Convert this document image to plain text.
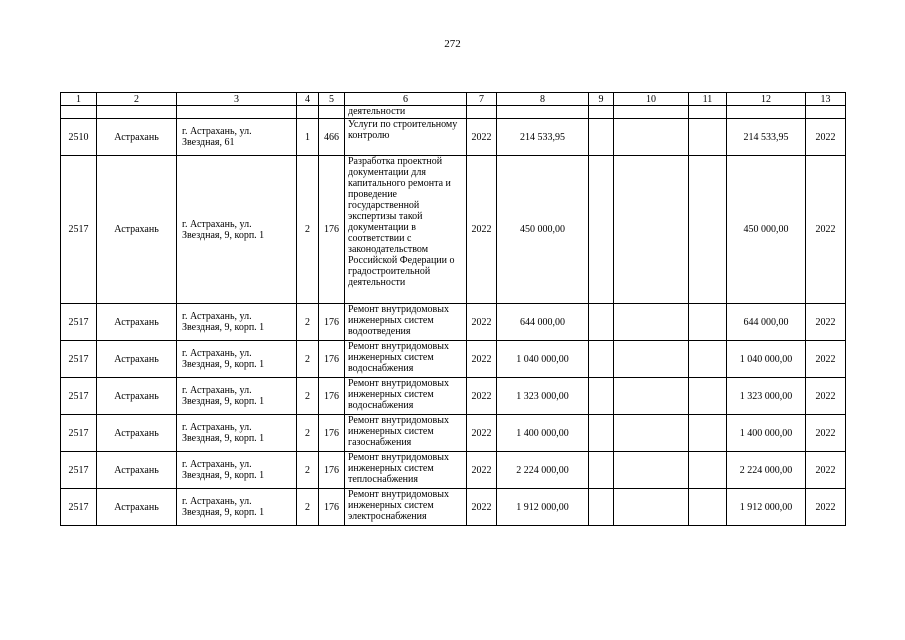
272
1	2	3	4	5	6	7	8	9	10	11	12	13
					деятельности							
2510	Астрахань	г. Астрахань, ул. Звездная, 61	1	466	Услуги по строительному контролю	2022	214 533,95				214 533,95	2022
2517	Астрахань	г. Астрахань, ул. Звездная, 9, корп. 1	2	176	Разработка проектной документации для капитального ремонта и проведение государственной экспертизы такой документации в соответствии с законодательством Российской Федерации о градостроительной деятельности	2022	450 000,00				450 000,00	2022
2517	Астрахань	г. Астрахань, ул. Звездная, 9, корп. 1	2	176	Ремонт внутридомовых инженерных систем водоотведения	2022	644 000,00				644 000,00	2022
2517	Астрахань	г. Астрахань, ул. Звездная, 9, корп. 1	2	176	Ремонт внутридомовых инженерных систем водоснабжения	2022	1 040 000,00				1 040 000,00	2022
2517	Астрахань	г. Астрахань, ул. Звездная, 9, корп. 1	2	176	Ремонт внутридомовых инженерных систем водоснабжения	2022	1 323 000,00				1 323 000,00	2022
2517	Астрахань	г. Астрахань, ул. Звездная, 9, корп. 1	2	176	Ремонт внутридомовых инженерных систем газоснабжения	2022	1 400 000,00				1 400 000,00	2022
2517	Астрахань	г. Астрахань, ул. Звездная, 9, корп. 1	2	176	Ремонт внутридомовых инженерных систем теплоснабжения	2022	2 224 000,00				2 224 000,00	2022
2517	Астрахань	г. Астрахань, ул. Звездная, 9, корп. 1	2	176	Ремонт внутридомовых инженерных систем электроснабжения	2022	1 912 000,00				1 912 000,00	2022
